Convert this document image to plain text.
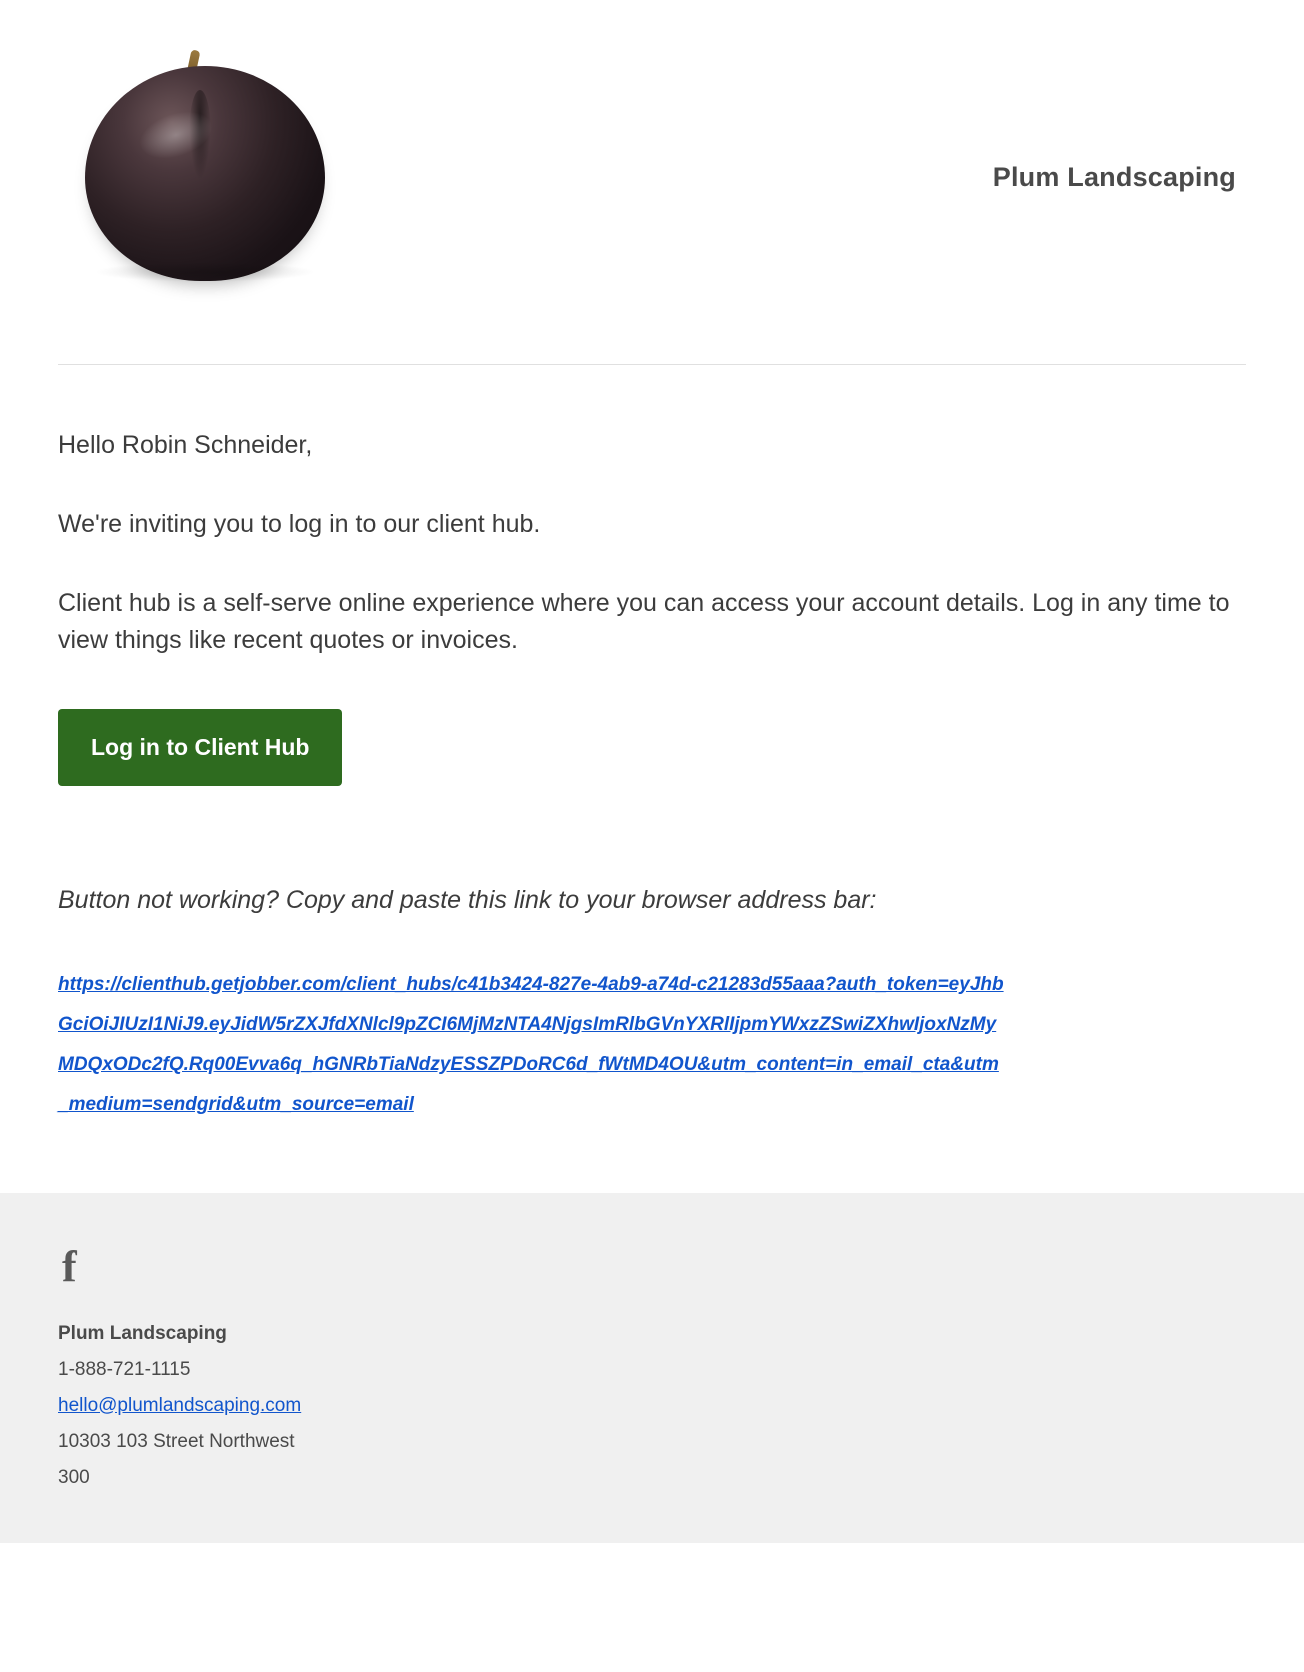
Plum Landscaping

Hello Robin Schneider,

We're inviting you to log in to our client hub.

Client hub is a self-serve online experience where you can access your account details. Log in any time to view things like recent quotes or invoices.

Log in to Client Hub

Button not working? Copy and paste this link to your browser address bar:

https://clienthub.getjobber.com/client_hubs/c41b3424-827e-4ab9-a74d-c21283d55aaa?auth_token=eyJhbGciOiJIUzI1NiJ9.eyJidW5rZXJfdXNlcl9pZCI6MjMzNTA4NjgsImRlbGVnYXRlIjpmYWxzZSwiZXhwIjoxNzMyMDQxODc2fQ.Rq00Evva6q_hGNRbTiaNdzyESSZPDoRC6d_fWtMD4OU&utm_content=in_email_cta&utm_medium=sendgrid&utm_source=email
f
Plum Landscaping
1-888-721-1115
hello@plumlandscaping.com
10303 103 Street Northwest
300
